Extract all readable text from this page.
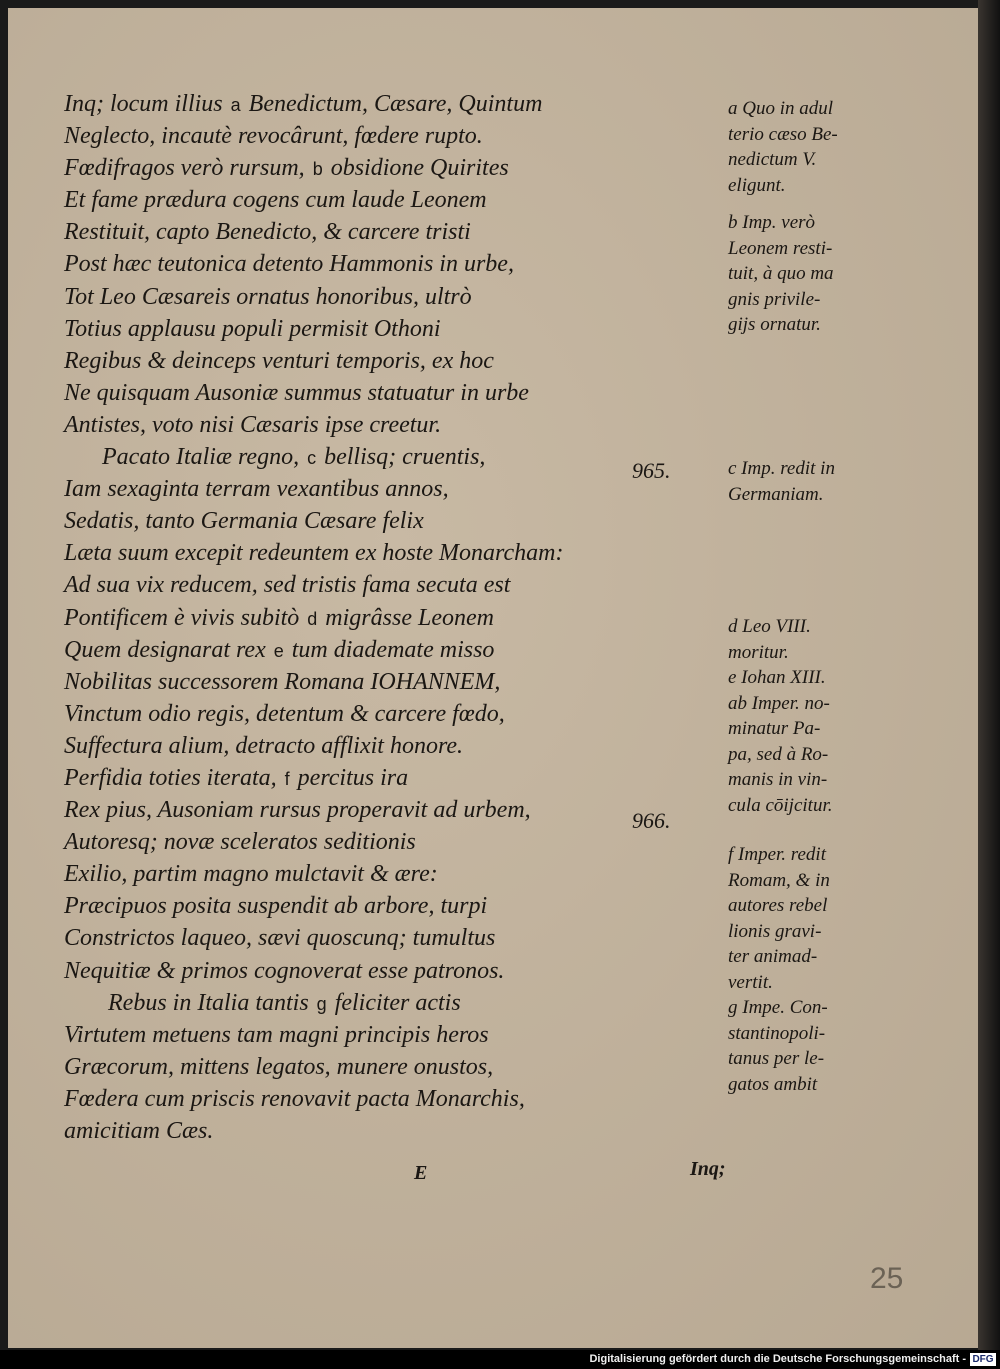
Inq; locum illius a Benedictum, Cæsare, Quintum
Neglecto, incautè revocârunt, fœdere rupto.
Fœdifragos verò rursum, b obsidione Quirites
Et fame prædura cogens cum laude Leonem
Restituit, capto Benedicto, & carcere tristi
Post hæc teutonica detento Hammonis in urbe,
Tot Leo Cæsareis ornatus honoribus, ultrò
Totius applausu populi permisit Othoni
Regibus & deinceps venturi temporis, ex hoc
Ne quisquam Ausoniæ summus statuatur in urbe
Antistes, voto nisi Cæsaris ipse creetur.
Pacato Italiæ regno, c bellisq; cruentis,
Iam sexaginta terram vexantibus annos,
Sedatis, tanto Germania Cæsare felix
Læta suum excepit redeuntem ex hoste Monarcham:
Ad sua vix reducem, sed tristis fama secuta est
Pontificem è vivis subitò d migrâsse Leonem
Quem designarat rex e tum diademate misso
Nobilitas successorem Romana IOHANNEM,
Vinctum odio regis, detentum & carcere fœdo,
Suffectura alium, detracto afflixit honore.
Perfidia toties iterata, f percitus ira
Rex pius, Ausoniam rursus properavit ad urbem,
Autoresq; novæ sceleratos seditionis
Exilio, partim magno mulctavit & ære:
Præcipuos posita suspendit ab arbore, turpi
Constrictos laqueo, sævi quoscunq; tumultus
Nequitiæ & primos cognoverat esse patronos.
Rebus in Italia tantis g feliciter actis
Virtutem metuens tam magni principis heros
Græcorum, mittens legatos, munere onustos,
Fœdera cum priscis renovavit pacta Monarchis,
amicitiam Cæs.
965.
966.
a Quo in adul
terio cæso Be-
nedictum V.
eligunt.
b Imp. verò
Leonem resti-
tuit, à quo ma
gnis privile-
gijs ornatur.
c Imp. redit in
Germaniam.
d Leo VIII.
moritur.
e Iohan XIII.
ab Imper. no-
minatur Pa-
pa, sed à Ro-
manis in vin-
cula cōijcitur.
f Imper. redit
Romam, & in
autores rebel
lionis gravi-
ter animad-
vertit.
g Impe. Con-
stantinopoli-
tanus per le-
gatos ambit
E	Inq;
25
Digitalisierung gefördert durch die Deutsche Forschungsgemeinschaft - DFG
